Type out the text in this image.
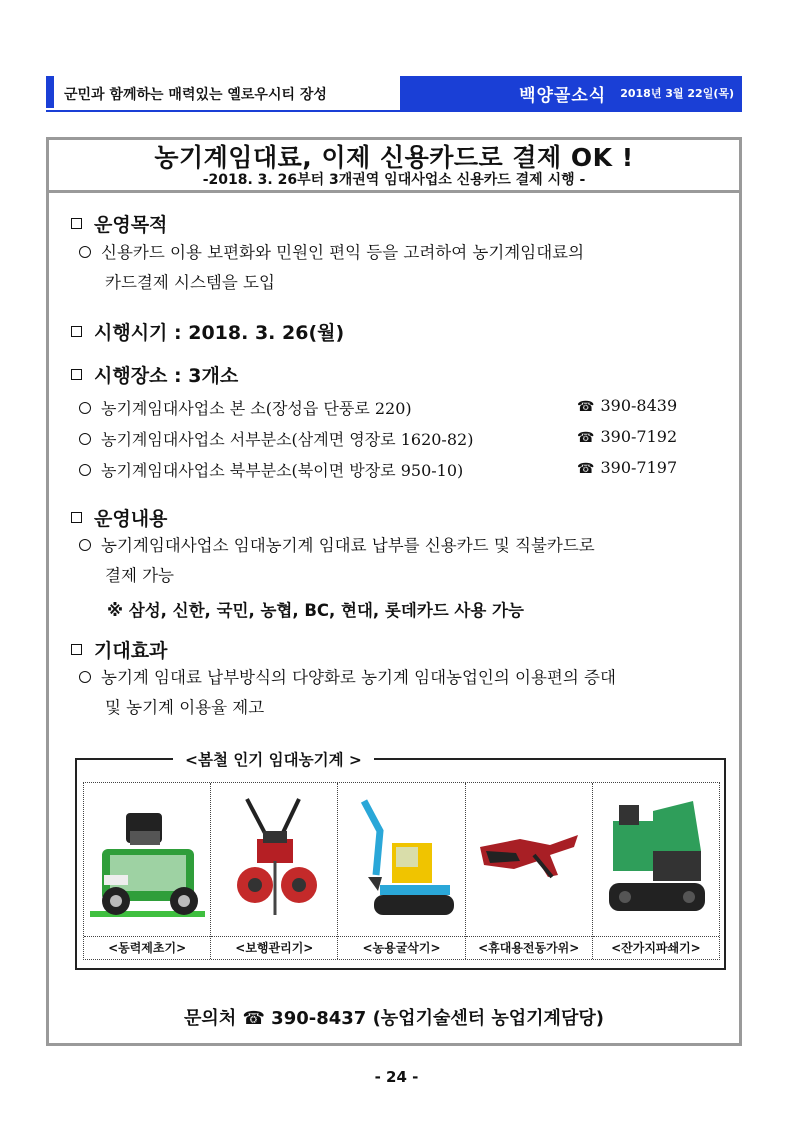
군민과 함께하는 매력있는 옐로우시티 장성	백양골소식 2018년 3월 22일(목)
농기계임대료, 이제 신용카드로 결제 OK !
-2018. 3. 26부터 3개권역 임대사업소 신용카드 결제 시행 -
운영목적
신용카드 이용 보편화와 민원인 편익 등을 고려하여 농기계임대료의
카드결제 시스템을 도입
시행시기 : 2018. 3. 26(월)
시행장소 : 3개소
농기계임대사업소 본 소(장성읍 단풍로 220)	☎ 390-8439
농기계임대사업소 서부분소(삼계면 영장로 1620-82)	☎ 390-7192
농기계임대사업소 북부분소(북이면 방장로 950-10)	☎ 390-7197
운영내용
농기계임대사업소 임대농기계 임대료 납부를 신용카드 및 직불카드로
결제 가능
※ 삼성, 신한, 국민, 농협, BC, 현대, 롯데카드 사용 가능
기대효과
농기계 임대료 납부방식의 다양화로 농기계 임대농업인의 이용편의 증대
및 농기계 이용율 제고
<봄철 인기 임대농기계 >
<동력제초기>	<보행관리기>	<농용굴삭기>	<휴대용전동가위>	<잔가지파쇄기>
문의처 ☎ 390-8437 (농업기술센터 농업기계담당)
- 24 -
